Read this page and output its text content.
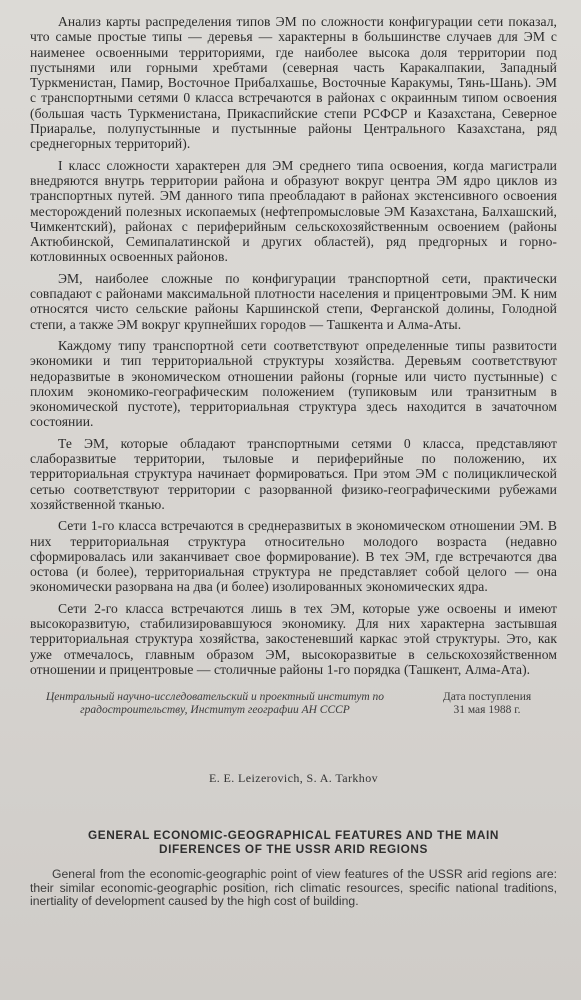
Анализ карты распределения типов ЭМ по сложности конфигурации сети показал, что самые простые типы — деревья — характерны в большинстве случаев для ЭМ с наименее освоенными территориями, где наиболее высока доля территории под пустынями или горными хребтами (северная часть Каракалпакии, Западный Туркменистан, Памир, Восточное Прибалхашье, Восточные Каракумы, Тянь-Шань). ЭМ с транспортными сетями 0 класса встречаются в районах с окраинным типом освоения (большая часть Туркменистана, Прикаспийские степи РСФСР и Казахстана, Северное Приаралье, полупустынные и пустынные районы Центрального Казахстана, ряд среднегорных территорий).

I класс сложности характерен для ЭМ среднего типа освоения, когда магистрали внедряются внутрь территории района и образуют вокруг центра ЭМ ядро циклов из транспортных путей. ЭМ данного типа преобладают в районах экстенсивного освоения месторождений полезных ископаемых (нефтепромысловые ЭМ Казахстана, Балхашский, Чимкентский), районах с периферийным сельскохозяйственным освоением (районы Актюбинской, Семипалатинской и других областей), ряд предгорных и горно-котловинных освоенных районов.

ЭМ, наиболее сложные по конфигурации транспортной сети, практически совпадают с районами максимальной плотности населения и прицентровыми ЭМ. К ним относятся чисто сельские районы Каршинской степи, Ферганской долины, Голодной степи, а также ЭМ вокруг крупнейших городов — Ташкента и Алма-Аты.

Каждому типу транспортной сети соответствуют определенные типы развитости экономики и тип территориальной структуры хозяйства. Деревьям соответствуют недоразвитые в экономическом отношении районы (горные или чисто пустынные) с плохим экономико-географическим положением (тупиковым или транзитным в экономической пустоте), территориальная структура здесь находится в зачаточном состоянии.

Те ЭМ, которые обладают транспортными сетями 0 класса, представляют слаборазвитые территории, тыловые и периферийные по положению, их территориальная структура начинает формироваться. При этом ЭМ с полициклической сетью соответствуют территории с разорванной физико-географическими рубежами хозяйственной тканью.

Сети 1-го класса встречаются в среднеразвитых в экономическом отношении ЭМ. В них территориальная структура относительно молодого возраста (недавно сформировалась или заканчивает свое формирование). В тех ЭМ, где встречаются два остова (и более), территориальная структура не представляет собой целого — она экономически разорвана на два (и более) изолированных экономических ядра.

Сети 2-го класса встречаются лишь в тех ЭМ, которые уже освоены и имеют высокоразвитую, стабилизировавшуюся экономику. Для них характерна застывшая территориальная структура хозяйства, закостеневший каркас этой структуры. Это, как уже отмечалось, главным образом ЭМ, высокоразвитые в сельскохозяйственном отношении и прицентровые — столичные районы 1-го порядка (Ташкент, Алма-Ата).

Центральный научно-исследовательский и проектный институт по градостроительству, Институт географии АН СССР
Дата поступления
31 мая 1988 г.
E. E. Leizerovich, S. A. Tarkhov
GENERAL ECONOMIC-GEOGRAPHICAL FEATURES AND THE MAIN DIFERENCES OF THE USSR ARID REGIONS

General from the economic-geographic point of view features of the USSR arid regions are: their similar economic-geographic position, rich climatic resources, specific national traditions, inertiality of development caused by the high cost of building.
